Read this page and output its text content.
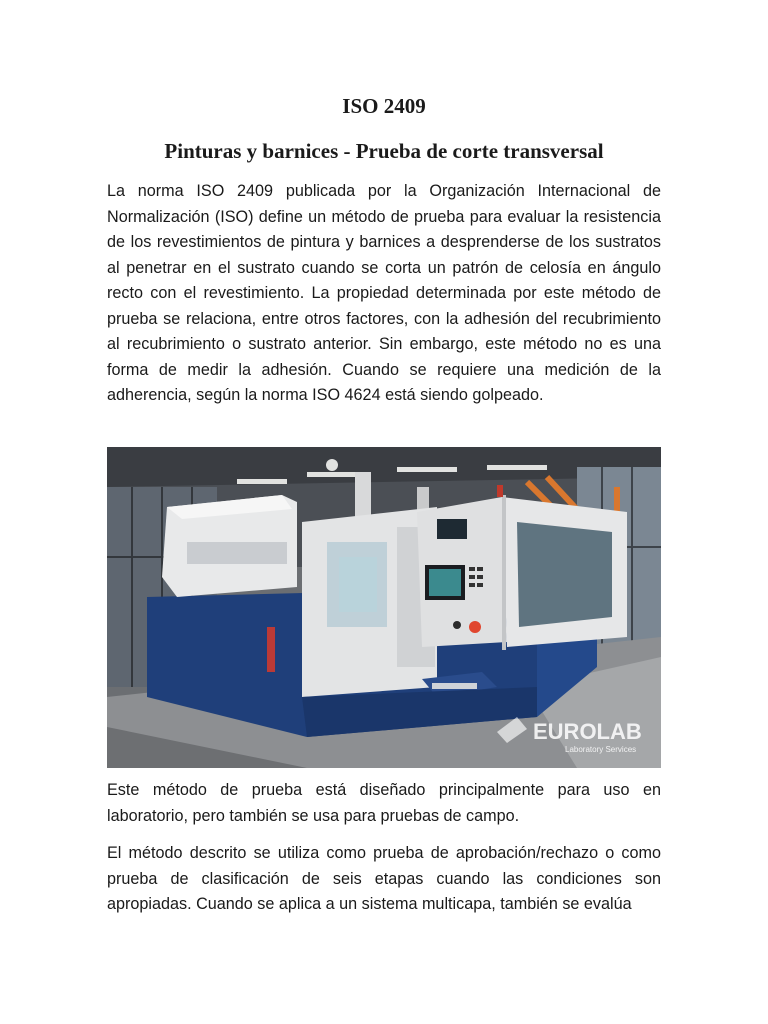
ISO 2409
Pinturas y barnices - Prueba de corte transversal

La norma ISO 2409 publicada por la Organización Internacional de Normalización (ISO) define un método de prueba para evaluar la resistencia de los revestimientos de pintura y barnices a desprenderse de los sustratos al penetrar en el sustrato cuando se corta un patrón de celosía en ángulo recto con el revestimiento. La propiedad determinada por este método de prueba se relaciona, entre otros factores, con la adhesión del recubrimiento al recubrimiento o sustrato anterior. Sin embargo, este método no es una forma de medir la adhesión. Cuando se requiere una medición de la adherencia, según la norma ISO 4624 está siendo golpeado.

EUROLAB
Laboratory Services

Este método de prueba está diseñado principalmente para uso en laboratorio, pero también se usa para pruebas de campo.

El método descrito se utiliza como prueba de aprobación/rechazo o como prueba de clasificación de seis etapas cuando las condiciones son apropiadas. Cuando se aplica a un sistema multicapa, también se evalúa
